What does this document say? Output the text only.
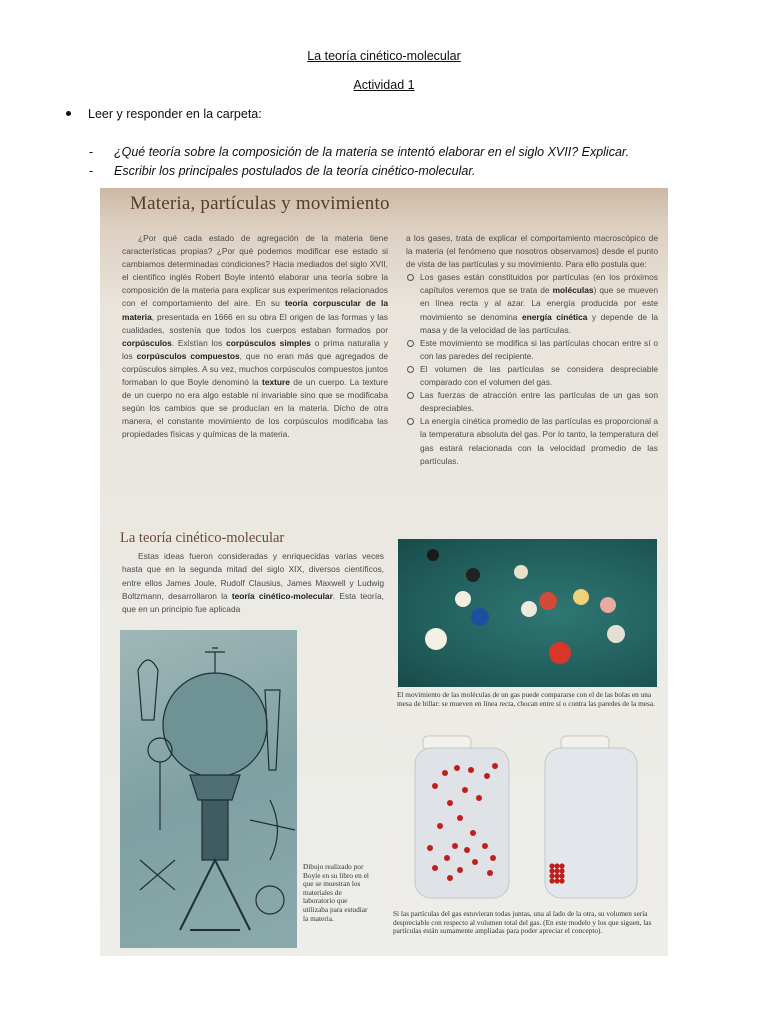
La teoría cinético-molecular
Actividad 1
Leer y responder en la carpeta:
- ¿Qué teoría sobre la composición de la materia se intentó elaborar en el siglo XVII? Explicar.
- Escribir los principales postulados de la teoría cinético-molecular.
Materia, partículas y movimiento
¿Por qué cada estado de agregación de la materia tiene características propias? ¿Por qué podemos modificar ese estado si cambiamos determinadas condiciones? Hacia mediados del siglo XVII, el científico inglés Robert Boyle intentó elaborar una teoría sobre la composición de la materia para explicar sus experimentos relacionados con el comportamiento del aire. En su teoría corpuscular de la materia, presentada en 1666 en su obra El origen de las formas y las cualidades, sostenía que todos los cuerpos estaban formados por corpúsculos. Existían los corpúsculos simples o prima naturalia y los corpúsculos compuestos, que no eran más que agregados de corpúsculos simples. A su vez, muchos corpúsculos compuestos juntos formaban lo que Boyle denominó la texture de un cuerpo. La texture de un cuerpo no era algo estable ni invariable sino que se modificaba según los cambios que se producían en la materia. Dicho de otra manera, el constante movimiento de los corpúsculos modificaba las propiedades físicas y químicas de la materia.

a los gases, trata de explicar el comportamiento macroscópico de la materia (el fenómeno que nosotros observamos) desde el punto de vista de las partículas y su movimiento. Para ello postula que:

Los gases están constituidos por partículas (en los próximos capítulos veremos que se trata de moléculas) que se mueven en línea recta y al azar. La energía producida por este movimiento se denomina energía cinética y depende de la masa y de la velocidad de las partículas.

Este movimiento se modifica si las partículas chocan entre sí o con las paredes del recipiente.

El volumen de las partículas se considera despreciable comparado con el volumen del gas.

Las fuerzas de atracción entre las partículas de un gas son despreciables.

La energía cinética promedio de las partículas es proporcional a la temperatura absoluta del gas. Por lo tanto, la temperatura del gas estará relacionada con la velocidad promedio de las partículas.

La teoría cinético-molecular
Estas ideas fueron consideradas y enriquecidas varias veces hasta que en la segunda mitad del siglo XIX, diversos científicos, entre ellos James Joule, Rudolf Clausius, James Maxwell y Ludwig Boltzmann, desarrollaron la teoría cinético-molecular. Esta teoría, que en un principio fue aplicada
Dibujo realizado por Boyle en su libro en el que se muestran los materiales de laboratorio que utilizaba para estudiar la materia.
El movimiento de las moléculas de un gas puede compararse con el de las bolas en una mesa de billar: se mueven en línea recta, chocan entre sí o contra las paredes de la mesa.
Si las partículas del gas estuvieran todas juntas, una al lado de la otra, su volumen sería despreciable con respecto al volumen total del gas. (En este modelo y los que siguen, las partículas están sumamente ampliadas para poder apreciar el concepto).
